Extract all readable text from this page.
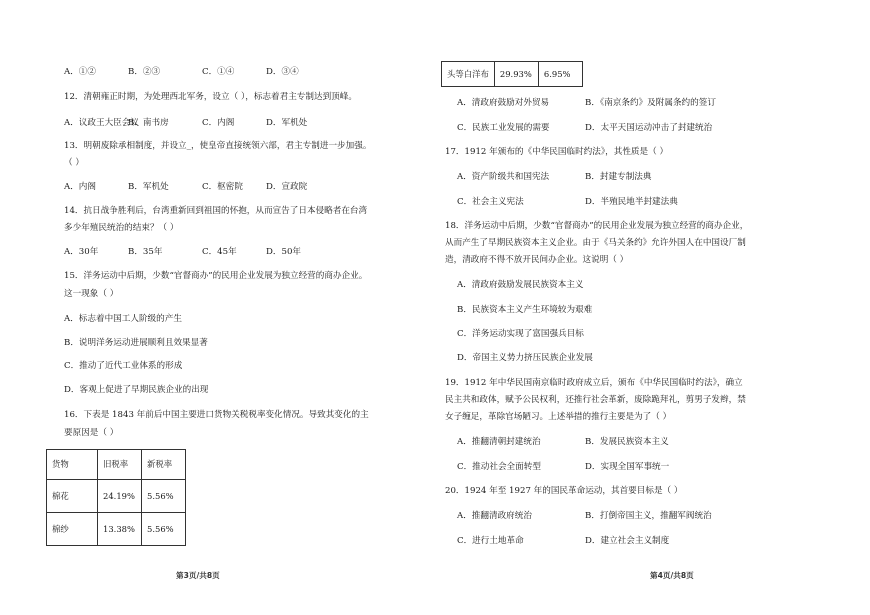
A．①②	B．②③	C．①④	D．③④
12．清朝雍正时期，为处理西北军务，设立（ ），标志着君主专制达到顶峰。
A．议政王大臣会议
B．南书房	C．内阁	D．军机处
13．明朝废除承相制度，并设立_，使皇帝直接统领六部，君主专制进一步加强。
（ ）
A．内阁	B．军机处	C．枢密院	D．宣政院
14．抗日战争胜利后，台湾重新回到祖国的怀抱，从而宣告了日本侵略者在台湾
多少年殖民统治的结束？（ ）
A．30年	B．35年	C．45年	D．50年
15．洋务运动中后期，少数“官督商办”的民用企业发展为独立经营的商办企业。
这一现象（ ）
A．标志着中国工人阶级的产生
B．说明洋务运动进展顺利且效果显著
C．推动了近代工业体系的形成
D．客观上促进了早期民族企业的出现
16．下表是 1843 年前后中国主要进口货物关税税率变化情况。导致其变化的主
要原因是（ ）
货物	旧税率	新税率
棉花	24.19%	5.56%
棉纱	13.38%	5.56%
第3页/共8页
头等白洋布	29.93%	6.95%
A．清政府鼓励对外贸易	B．《南京条约》及附属条约的签订
C．民族工业发展的需要	D．太平天国运动冲击了封建统治
17．1912 年颁布的《中华民国临时约法》，其性质是（ ）
A．资产阶级共和国宪法	B．封建专制法典
C．社会主义宪法	D．半殖民地半封建法典
18．洋务运动中后期，少数“官督商办”的民用企业发展为独立经营的商办企业，
从而产生了早期民族资本主义企业。由于《马关条约》允许外国人在中国设厂制
造，清政府不得不放开民间办企业。这说明（ ）
A．清政府鼓励发展民族资本主义
B．民族资本主义产生环境较为艰难
C．洋务运动实现了富国强兵目标
D．帝国主义势力挤压民族企业发展
19．1912 年中华民国南京临时政府成立后，颁布《中华民国临时约法》，确立
民主共和政体，赋予公民权利，还推行社会革新，废除跪拜礼，剪男子发辫，禁
女子缠足，革除官场陋习。上述举措的推行主要是为了（ ）
A．推翻清朝封建统治	B．发展民族资本主义
C．推动社会全面转型	D．实现全国军事统一
20．1924 年至 1927 年的国民革命运动，其首要目标是（ ）
A．推翻清政府统治	B．打倒帝国主义，推翻军阀统治
C．进行土地革命	D．建立社会主义制度
第4页/共8页
